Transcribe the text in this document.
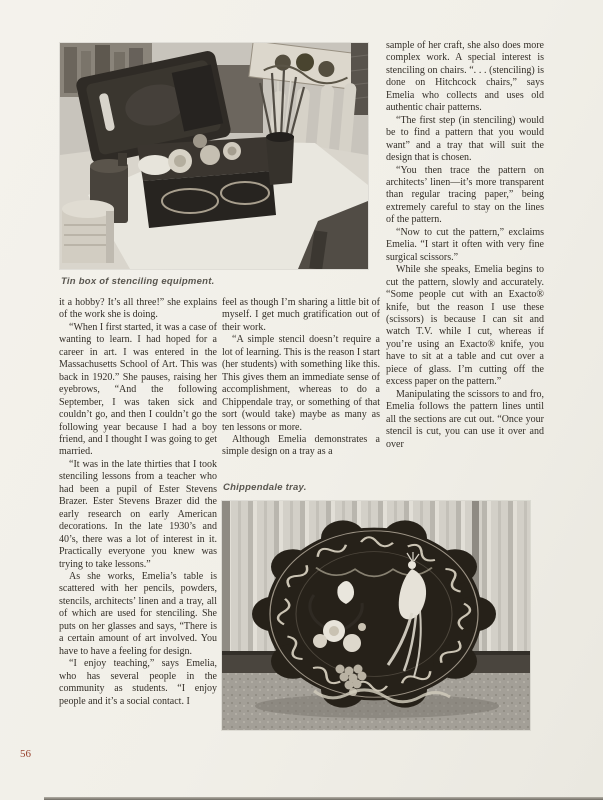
Tin box of stenciling equipment.

it a hobby? It’s all three!” she explains of the work she is doing.

“When I first started, it was a case of wanting to learn. I had hoped for a career in art. I was entered in the Massachusetts School of Art. This was back in 1920.” She pauses, raising her eyebrows, “And the following September, I was taken sick and couldn’t go, and then I couldn’t go the following year because I had a boy friend, and I thought I was going to get married.

“It was in the late thirties that I took stenciling lessons from a teacher who had been a pupil of Ester Stevens Brazer. Ester Stevens Brazer did the early research on early American decorations. In the late 1930’s and 40’s, there was a lot of interest in it. Practically everyone you knew was trying to take lessons.”

As she works, Emelia’s table is scattered with her pencils, powders, stencils, architects’ linen and a tray, all of which are used for stenciling. She puts on her glasses and says, “There is a certain amount of art involved. You have to have a feeling for design.

“I enjoy teaching,” says Emelia, who has several people in the community as students. “I enjoy people and it’s a social contact. I

feel as though I’m sharing a little bit of myself. I get much gratification out of their work.

“A simple stencil doesn’t require a lot of learning. This is the reason I start (her students) with something like this. This gives them an immediate sense of accomplishment, whereas to do a Chippendale tray, or something of that sort (would take) maybe as many as ten lessons or more.

Although Emelia demonstrates a simple design on a tray as a

sample of her craft, she also does more complex work. A special interest is stenciling on chairs. “. . . (stenciling) is done on Hitchcock chairs,” says Emelia who collects and uses old authentic chair patterns.

“The first step (in stenciling) would be to find a pattern that you would want” and a tray that will suit the design that is chosen.

“You then trace the pattern on architects’ linen—it’s more transparent than regular tracing paper,” being extremely careful to stay on the lines of the pattern.

“Now to cut the pattern,” exclaims Emelia. “I start it often with very fine surgical scissors.”

While she speaks, Emelia begins to cut the pattern, slowly and accurately. “Some people cut with an Exacto® knife, but the reason I use these (scissors) is because I can sit and watch T.V. while I cut, whereas if you’re using an Exacto® knife, you have to sit at a table and cut over a piece of glass. I’m cutting off the excess paper on the pattern.”

Manipulating the scissors to and fro, Emelia follows the pattern lines until all the sections are cut out. “Once your stencil is cut, you can use it over and over

Chippendale tray.
56
